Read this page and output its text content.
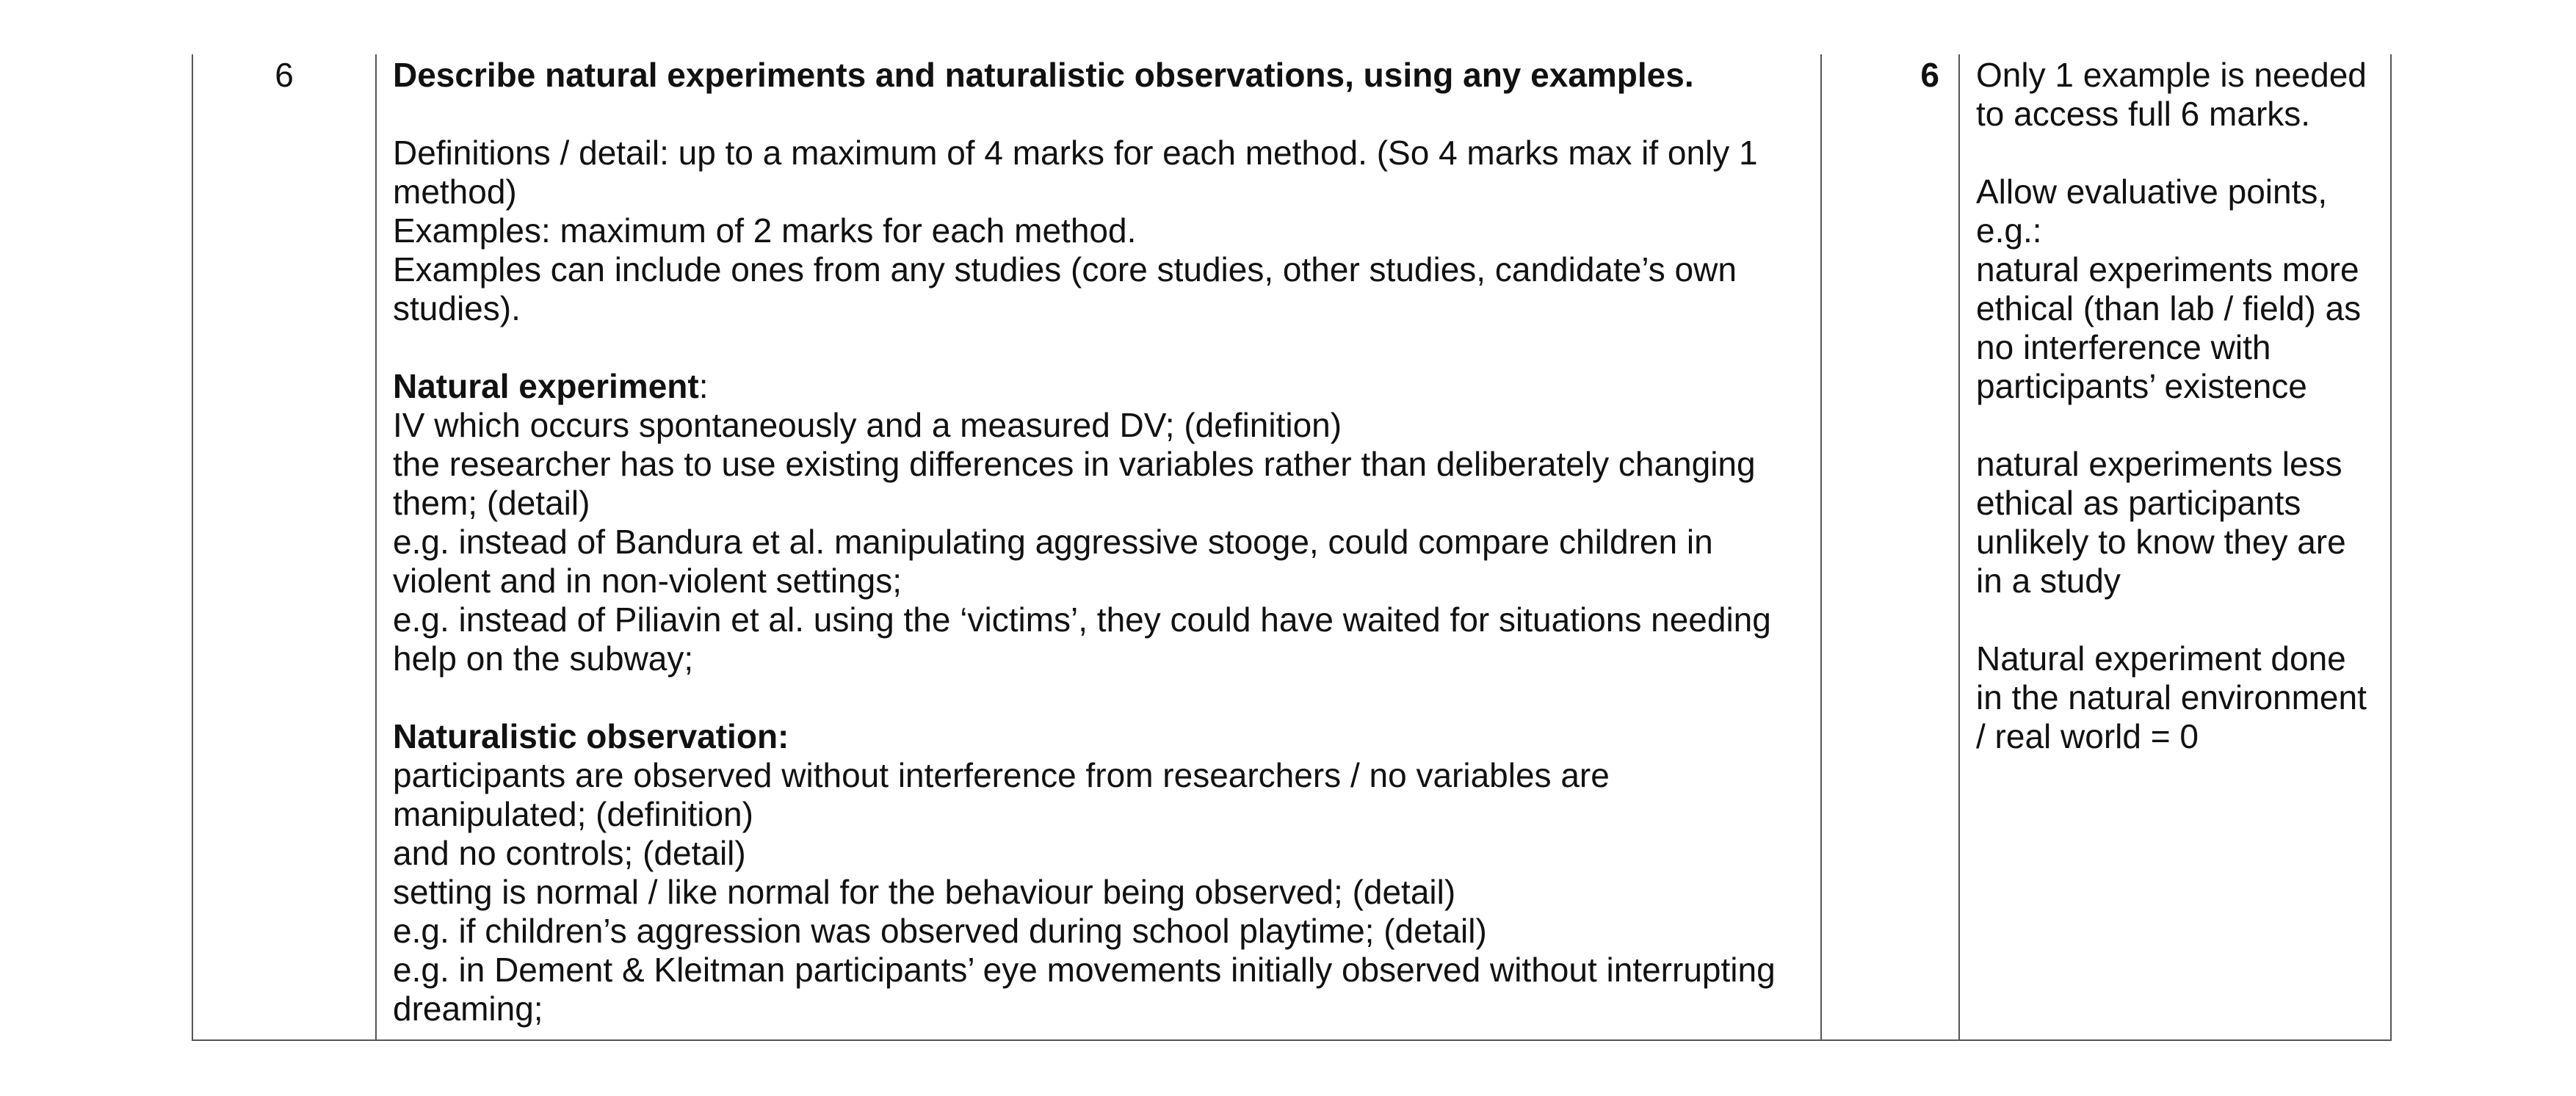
6	Describe natural experiments and naturalistic observations, using any examples.

Definitions / detail: up to a maximum of 4 marks for each method. (So 4 marks max if only 1 method)

Examples: maximum of 2 marks for each method.

Examples can include ones from any studies (core studies, other studies, candidate’s own studies).

Natural experiment:

IV which occurs spontaneously and a measured DV; (definition)

the researcher has to use existing differences in variables rather than deliberately changing them; (detail)

e.g. instead of Bandura et al. manipulating aggressive stooge, could compare children in violent and in non-violent settings;

e.g. instead of Piliavin et al. using the ‘victims’, they could have waited for situations needing help on the subway;

Naturalistic observation:

participants are observed without interference from researchers / no variables are manipulated; (definition)

and no controls; (detail)

setting is normal / like normal for the behaviour being observed; (detail)

e.g. if children’s aggression was observed during school playtime; (detail)

e.g. in Dement & Kleitman participants’ eye movements initially observed without interrupting dreaming;

6	Only 1 example is needed to access full 6 marks.

Allow evaluative points, e.g.:

natural experiments more ethical (than lab / field) as no interference with participants’ existence

natural experiments less ethical as participants unlikely to know they are in a study

Natural experiment done in the natural environment / real world = 0
